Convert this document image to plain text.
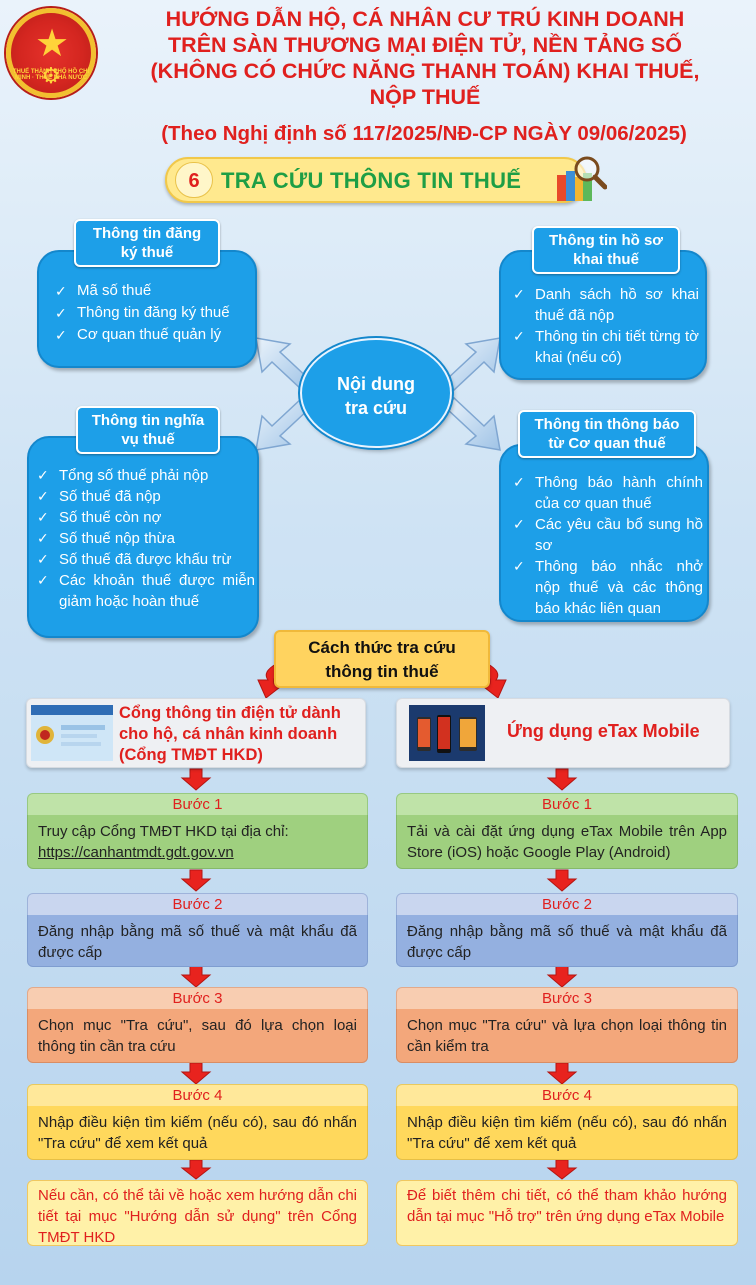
★
THUẾ THÀNH PHỐ HỒ CHÍ MINH · THUẾ NHÀ NƯỚC
⚙
HƯỚNG DẪN HỘ, CÁ NHÂN CƯ TRÚ KINH DOANH
TRÊN SÀN THƯƠNG MẠI ĐIỆN TỬ, NỀN TẢNG SỐ
(KHÔNG CÓ CHỨC NĂNG THANH TOÁN) KHAI THUẾ,
NỘP THUẾ
(Theo Nghị định số 117/2025/NĐ-CP NGÀY 09/06/2025)
6 TRA CỨU THÔNG TIN THUẾ
✓ Mã số thuế
✓ Thông tin đăng ký thuế
✓ Cơ quan thuế quản lý
Thông tin đăng
ký thuế
✓ Danh sách hồ sơ khai thuế đã nộp
✓ Thông tin chi tiết từng tờ khai (nếu có)
Thông tin hồ sơ
khai thuế
Nội dung
tra cứu
✓ Tổng số thuế phải nộp
✓ Số thuế đã nộp
✓ Số thuế còn nợ
✓ Số thuế nộp thừa
✓ Số thuế đã được khấu trừ
✓ Các khoản thuế được miễn giảm hoặc hoàn thuế
Thông tin nghĩa
vụ thuế
✓ Thông báo hành chính của cơ quan thuế
✓ Các yêu cầu bổ sung hồ sơ
✓ Thông báo nhắc nhở nộp thuế và các thông báo khác liên quan
Thông tin thông báo
từ Cơ quan thuế
Cách thức tra cứu
thông tin thuế
Cổng thông tin điện tử dành
cho hộ, cá nhân kinh doanh
(Cổng TMĐT HKD)
Ứng dụng eTax Mobile
Bước 1
Truy cập Cổng TMĐT HKD tại địa chỉ:
https://canhantmdt.gdt.gov.vn
Bước 2
Đăng nhập bằng mã số thuế và mật khẩu đã được cấp
Bước 3
Chọn mục "Tra cứu", sau đó lựa chọn loại thông tin cần tra cứu
Bước 4
Nhập điều kiện tìm kiếm (nếu có), sau đó nhấn "Tra cứu" để xem kết quả
Nếu cần, có thể tải về hoặc xem hướng dẫn chi tiết tại mục "Hướng dẫn sử dụng" trên Cổng TMĐT HKD
Bước 1
Tải và cài đặt ứng dụng eTax Mobile trên App Store (iOS) hoặc Google Play (Android)
Bước 2
Đăng nhập bằng mã số thuế và mật khẩu đã được cấp
Bước 3
Chọn mục "Tra cứu" và lựa chọn loại thông tin cần kiểm tra
Bước 4
Nhập điều kiện tìm kiếm (nếu có), sau đó nhấn "Tra cứu" để xem kết quả
Để biết thêm chi tiết, có thể tham khảo hướng dẫn tại mục "Hỗ trợ" trên ứng dụng eTax Mobile
